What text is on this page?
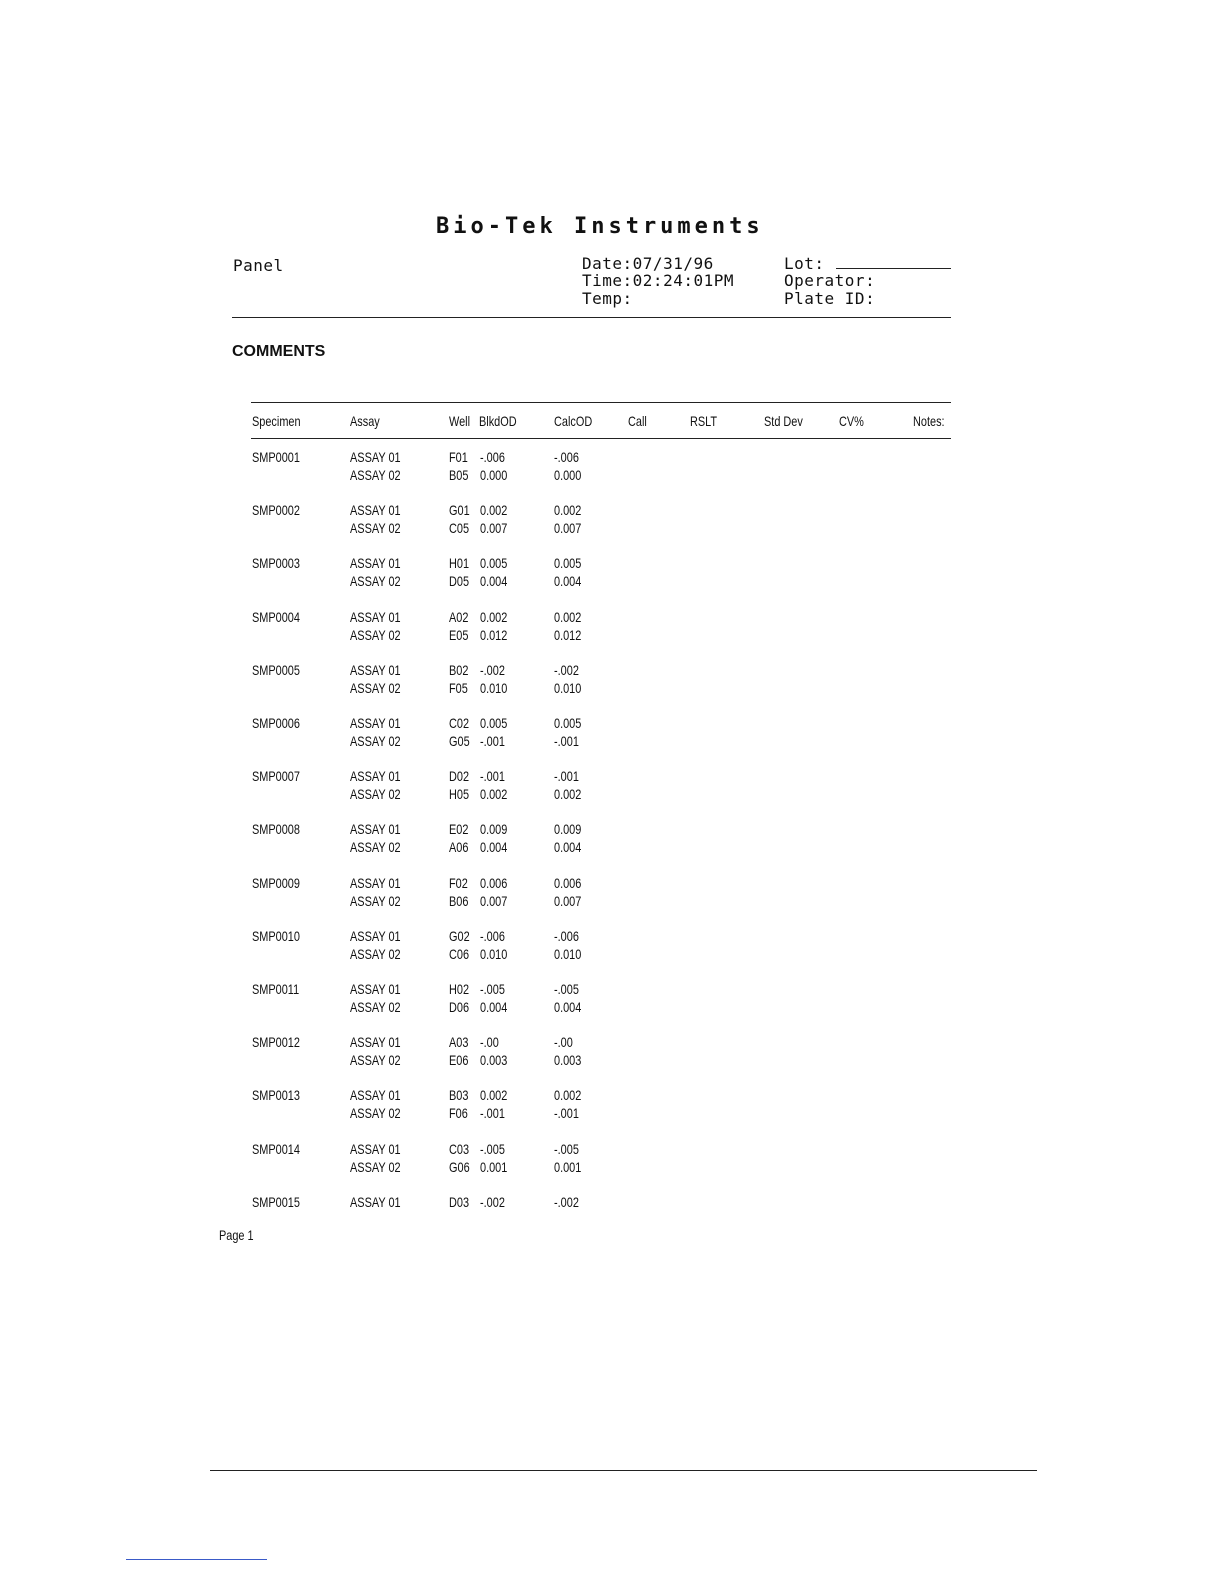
Bio-Tek Instruments
Panel	Date:07/31/96
Time:02:24:01PM
Temp:
Lot:
Operator:
Plate ID:
COMMENTS
Specimen	Assay	Well BlkdOD	CalcOD	Call	RSLT	Std Dev	CV%	Notes:
SMP0001	ASSAY 01	F01 -.006	-.006
ASSAY 02	B05 0.000	0.000
SMP0002	ASSAY 01	G01 0.002	0.002
ASSAY 02	C05 0.007	0.007
SMP0003	ASSAY 01	H01 0.005	0.005
ASSAY 02	D05 0.004	0.004
SMP0004	ASSAY 01	A02 0.002	0.002
ASSAY 02	E05 0.012	0.012
SMP0005	ASSAY 01	B02 -.002	-.002
ASSAY 02	F05 0.010	0.010
SMP0006	ASSAY 01	C02 0.005	0.005
ASSAY 02	G05 -.001	-.001
SMP0007	ASSAY 01	D02 -.001	-.001
ASSAY 02	H05 0.002	0.002
SMP0008	ASSAY 01	E02 0.009	0.009
ASSAY 02	A06 0.004	0.004
SMP0009	ASSAY 01	F02 0.006	0.006
ASSAY 02	B06 0.007	0.007
SMP0010	ASSAY 01	G02 -.006	-.006
ASSAY 02	C06 0.010	0.010
SMP0011	ASSAY 01	H02 -.005	-.005
ASSAY 02	D06 0.004	0.004
SMP0012	ASSAY 01	A03 -.00	-.00
ASSAY 02	E06 0.003	0.003
SMP0013	ASSAY 01	B03 0.002	0.002
ASSAY 02	F06 -.001	-.001
SMP0014	ASSAY 01	C03 -.005	-.005
ASSAY 02	G06 0.001	0.001
SMP0015	ASSAY 01	D03 -.002	-.002
Page 1
